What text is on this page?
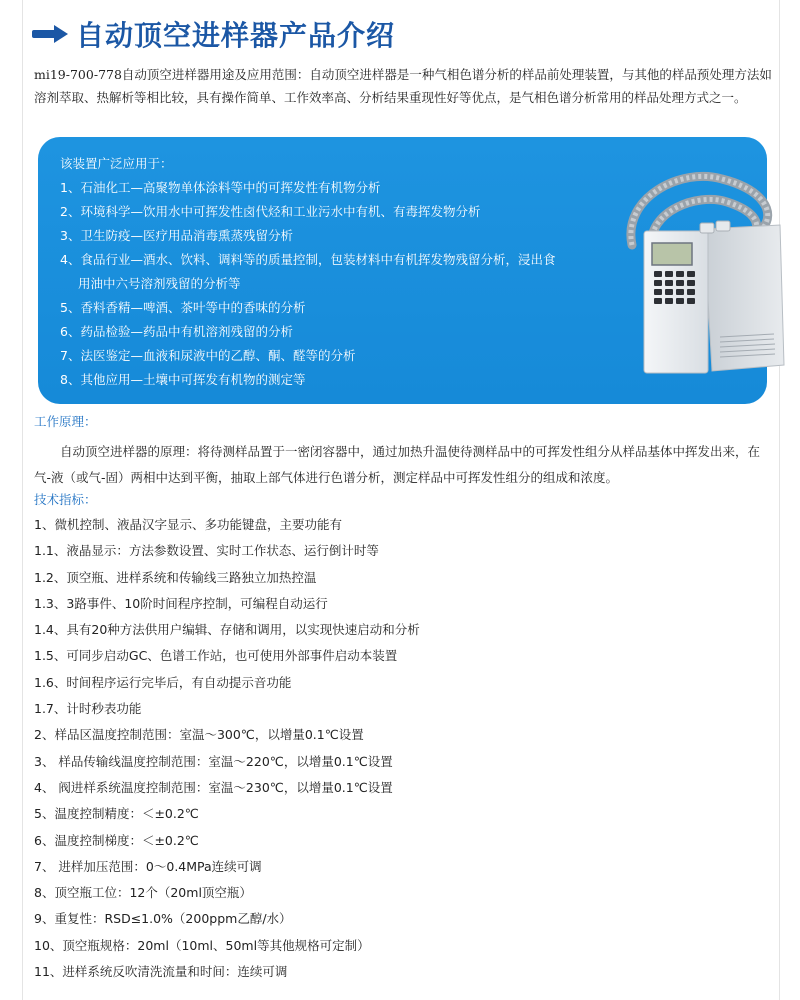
自动顶空进样器产品介绍

mi19-700-778自动顶空进样器用途及应用范围：自动顶空进样器是一种气相色谱分析的样品前处理装置，与其他的样品预处理方法如溶剂萃取、热解析等相比较，具有操作简单、工作效率高、分析结果重现性好等优点，是气相色谱分析常用的样品处理方式之一。

该装置广泛应用于：
1、石油化工—高聚物单体涂料等中的可挥发性有机物分析
2、环境科学—饮用水中可挥发性卤代烃和工业污水中有机、有毒挥发物分析
3、卫生防疫—医疗用品消毒熏蒸残留分析
4、食品行业—酒水、饮料、调料等的质量控制，包装材料中有机挥发物残留分析，浸出食
用油中六号溶剂残留的分析等
5、香料香精—啤酒、茶叶等中的香味的分析
6、药品检验—药品中有机溶剂残留的分析
7、法医鉴定—血液和尿液中的乙醇、酮、醛等的分析
8、其他应用—土壤中可挥发有机物的测定等
工作原理：

自动顶空进样器的原理：将待测样品置于一密闭容器中，通过加热升温使待测样品中的可挥发性组分从样品基体中挥发出来，在气-液（或气-固）两相中达到平衡，抽取上部气体进行色谱分析，测定样品中可挥发性组分的组成和浓度。

技术指标：
1、微机控制、液晶汉字显示、多功能键盘，主要功能有
1.1、液晶显示：方法参数设置、实时工作状态、运行倒计时等
1.2、顶空瓶、进样系统和传输线三路独立加热控温
1.3、3路事件、10阶时间程序控制，可编程自动运行
1.4、具有20种方法供用户编辑、存储和调用，以实现快速启动和分析
1.5、可同步启动GC、色谱工作站，也可使用外部事件启动本装置
1.6、时间程序运行完毕后，有自动提示音功能
1.7、计时秒表功能
2、样品区温度控制范围：室温～300℃，以增量0.1℃设置
3、 样品传输线温度控制范围：室温～220℃，以增量0.1℃设置
4、 阀进样系统温度控制范围：室温～230℃，以增量0.1℃设置
5、温度控制精度：＜±0.2℃
6、温度控制梯度：＜±0.2℃
7、 进样加压范围：0～0.4MPa连续可调
8、顶空瓶工位：12个（20ml顶空瓶）
9、重复性：RSD≤1.0%（200ppm乙醇/水）
10、顶空瓶规格：20ml（10ml、50ml等其他规格可定制）
11、进样系统反吹清洗流量和时间：连续可调
